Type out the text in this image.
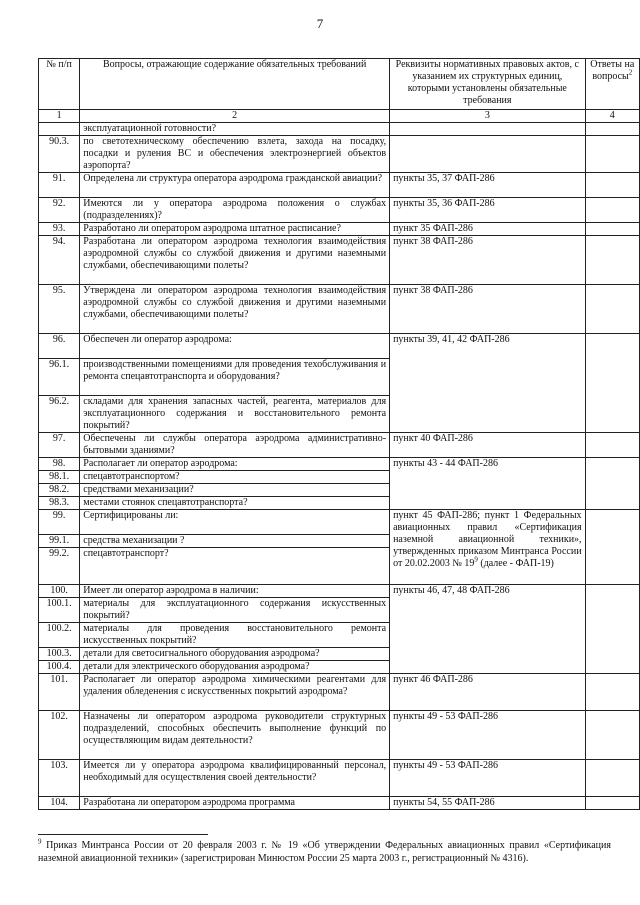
7
№ п/п	Вопросы, отражающие содержание обязательных требований	Реквизиты нормативных правовых актов, с указанием их структурных единиц, которыми установлены обязательные требования	Ответы на вопросы$^2$
1	2	3	4
	эксплуатационной готовности?		
90.3.	по светотехническому обеспечению взлета, захода на посадку, посадки и руления ВС и обеспечения электроэнергией объектов аэропорта?		
91.	Определена ли структура оператора аэродрома гражданской авиации?	пункты 35, 37 ФАП-286	
92.	Имеются ли у оператора аэродрома положения о службах (подразделениях)?	пункты 35, 36 ФАП-286	
93.	Разработано ли оператором аэродрома штатное расписание?	пункт 35 ФАП-286	
94.	Разработана ли оператором аэродрома технология взаимодействия аэродромной службы со службой движения и другими наземными службами, обеспечивающими полеты?	пункт 38 ФАП-286	
95.	Утверждена ли оператором аэродрома технология взаимодействия аэродромной службы со службой движения и другими наземными службами, обеспечивающими полеты?	пункт 38 ФАП-286	
96.	Обеспечен ли оператор аэродрома:	пункты 39, 41, 42 ФАП-286	
96.1.	производственными помещениями для проведения техобслуживания и ремонта спецавтотранспорта и оборудования?		
96.2.	складами для хранения запасных частей, реагента, материалов для эксплуатационного содержания и восстановительного ремонта покрытий?		
97.	Обеспечены ли службы оператора аэродрома административно-бытовыми зданиями?	пункт 40 ФАП-286	
98.	Располагает ли оператор аэродрома:	пункты 43 - 44 ФАП-286	
98.1.	спецавтотранспортом?		
98.2.	средствами механизации?		
98.3.	местами стоянок спецавтотранспорта?		
99.	Сертифицированы ли:	пункт 45 ФАП-286; пункт 1 Федеральных авиационных правил «Сертификация наземной авиационной техники», утвержденных приказом Минтранса России от 20.02.2003 № $19^9$ (далее - ФАП-19)	
99.1.	средства механизации ?		
99.2.	спецавтотранспорт?		
100.	Имеет ли оператор аэродрома в наличии:	пункты 46, 47, 48 ФАП-286	
100.1.	материалы для эксплуатационного содержания искусственных покрытий?		
100.2.	материалы для проведения восстановительного ремонта искусственных покрытий?		
100.3.	детали для светосигнального оборудования аэродрома?		
100.4.	детали для электрического оборудования аэродрома?		
101.	Располагает ли оператор аэродрома химическими реагентами для удаления обледенения с искусственных покрытий аэродрома?	пункт 46 ФАП-286	
102.	Назначены ли оператором аэродрома руководители структурных подразделений, способных обеспечить выполнение функций по осуществляющим видам деятельности?	пункты 49 - 53 ФАП-286	
103.	Имеется ли у оператора аэродрома квалифицированный персонал, необходимый для осуществления своей деятельности?	пункты 49 - 53 ФАП-286	
104.	Разработана ли оператором аэродрома программа	пункты 54, 55 ФАП-286	
$^9$ Приказ Минтранса России от 20 февраля 2003 г. № 19 «Об утверждении Федеральных авиационных правил «Сертификация наземной авиационной техники» (зарегистрирован Минюстом России 25 марта 2003 г., регистрационный № 4316).
